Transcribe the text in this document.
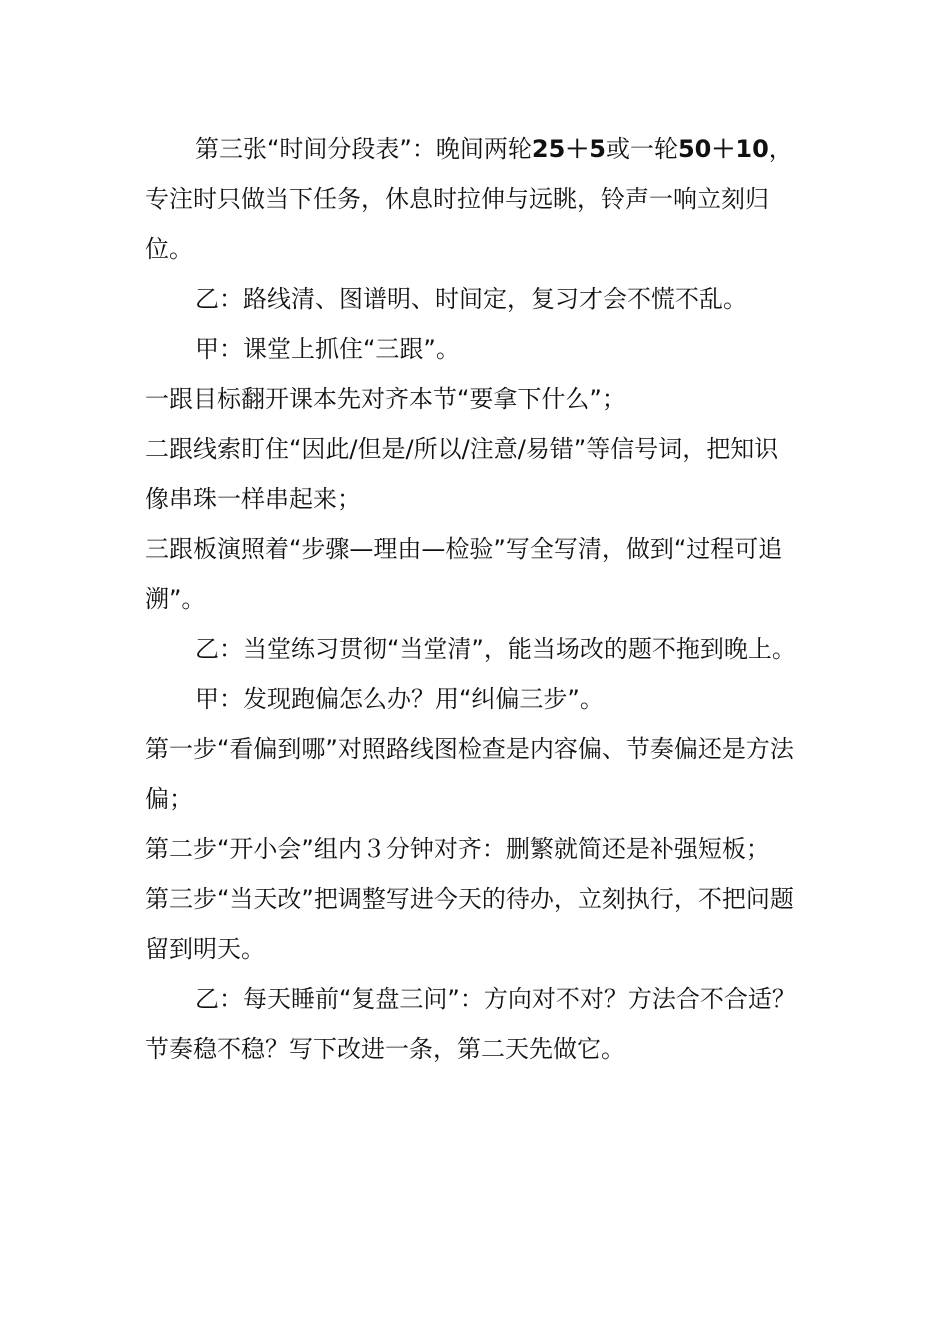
第三张“时间分段表”：晚间两轮25＋5或一轮50＋10，专注时只做当下任务，休息时拉伸与远眺，铃声一响立刻归位。

乙：路线清、图谱明、时间定，复习才会不慌不乱。

甲：课堂上抓住“三跟”。

一跟目标翻开课本先对齐本节“要拿下什么”；

二跟线索盯住“因此/但是/所以/注意/易错”等信号词，把知识像串珠一样串起来；

三跟板演照着“步骤—理由—检验”写全写清，做到“过程可追溯”。

乙：当堂练习贯彻“当堂清”，能当场改的题不拖到晚上。

甲：发现跑偏怎么办？用“纠偏三步”。

第一步“看偏到哪”对照路线图检查是内容偏、节奏偏还是方法偏；

第二步“开小会”组内３分钟对齐：删繁就简还是补强短板；

第三步“当天改”把调整写进今天的待办，立刻执行，不把问题留到明天。

乙：每天睡前“复盘三问”：方向对不对？方法合不合适？节奏稳不稳？写下改进一条，第二天先做它。
